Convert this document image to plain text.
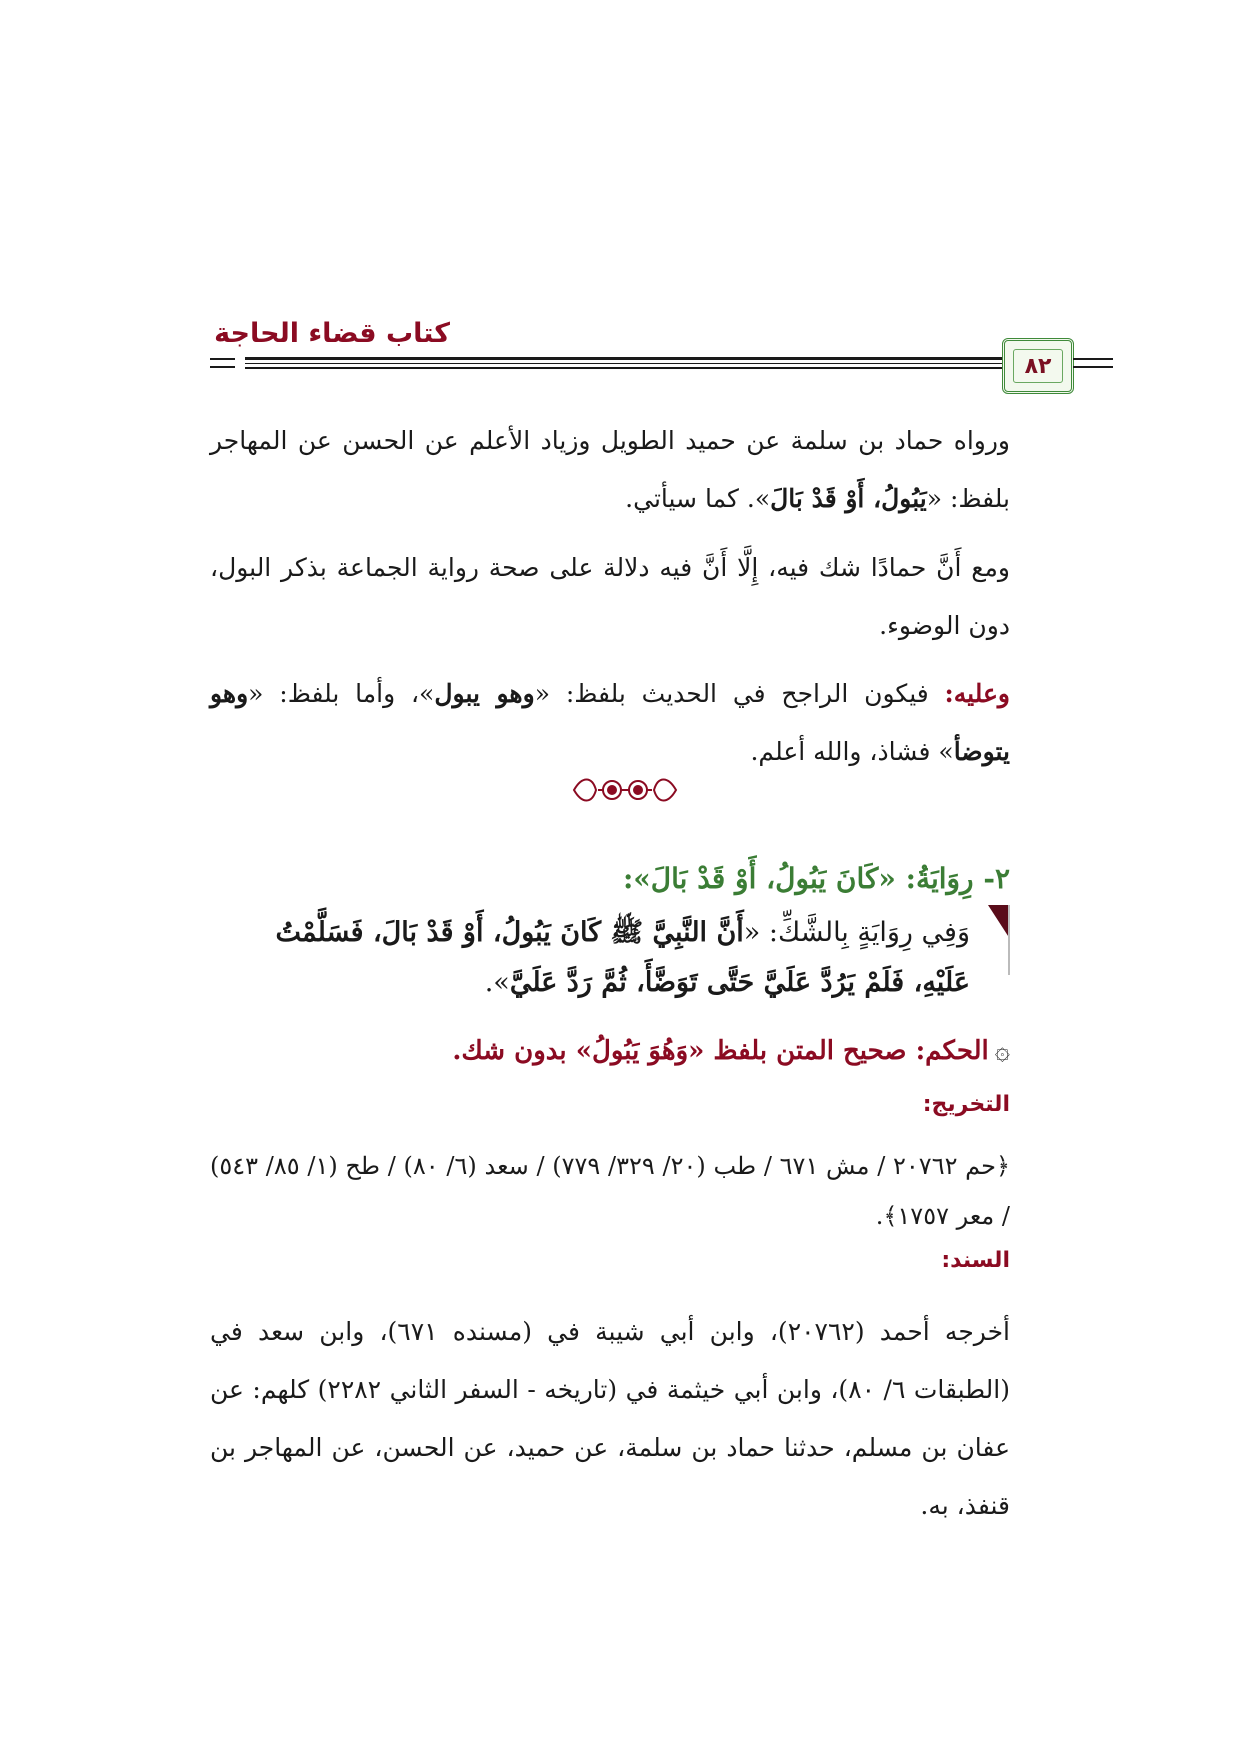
كتاب قضاء الحاجة
٨٢
ورواه حماد بن سلمة عن حميد الطويل وزياد الأعلم عن الحسن عن المهاجر بلفظ: «يَبُولُ، أَوْ قَدْ بَالَ». كما سيأتي.
ومع أَنَّ حمادًا شك فيه، إِلَّا أَنَّ فيه دلالة على صحة رواية الجماعة بذكر البول، دون الوضوء.
وعليه: فيكون الراجح في الحديث بلفظ: «وهو يبول»، وأما بلفظ: «وهو يتوضأ» فشاذ، والله أعلم.
٢- رِوَايَةُ: «كَانَ يَبُولُ، أَوْ قَدْ بَالَ»:
وَفِي رِوَايَةٍ بِالشَّكِّ: «أَنَّ النَّبِيَّ ﷺ كَانَ يَبُولُ، أَوْ قَدْ بَالَ، فَسَلَّمْتُ عَلَيْهِ، فَلَمْ يَرُدَّ عَلَيَّ حَتَّى تَوَضَّأَ، ثُمَّ رَدَّ عَلَيَّ».
۞الحكم: صحيح المتن بلفظ «وَهُوَ يَبُولُ» بدون شك.
التخريج:
﴿حم ٢٠٧٦٢ / مش ٦٧١ / طب (٢٠/ ٣٢٩/ ٧٧٩) / سعد (٦/ ٨٠) / طح (١/ ٨٥/ ٥٤٣) / معر ١٧٥٧﴾.
السند:
أخرجه أحمد (٢٠٧٦٢)، وابن أبي شيبة في (مسنده ٦٧١)، وابن سعد في (الطبقات ٦/ ٨٠)، وابن أبي خيثمة في (تاريخه - السفر الثاني ٢٢٨٢) كلهم: عن عفان بن مسلم، حدثنا حماد بن سلمة، عن حميد، عن الحسن، عن المهاجر بن قنفذ، به.
